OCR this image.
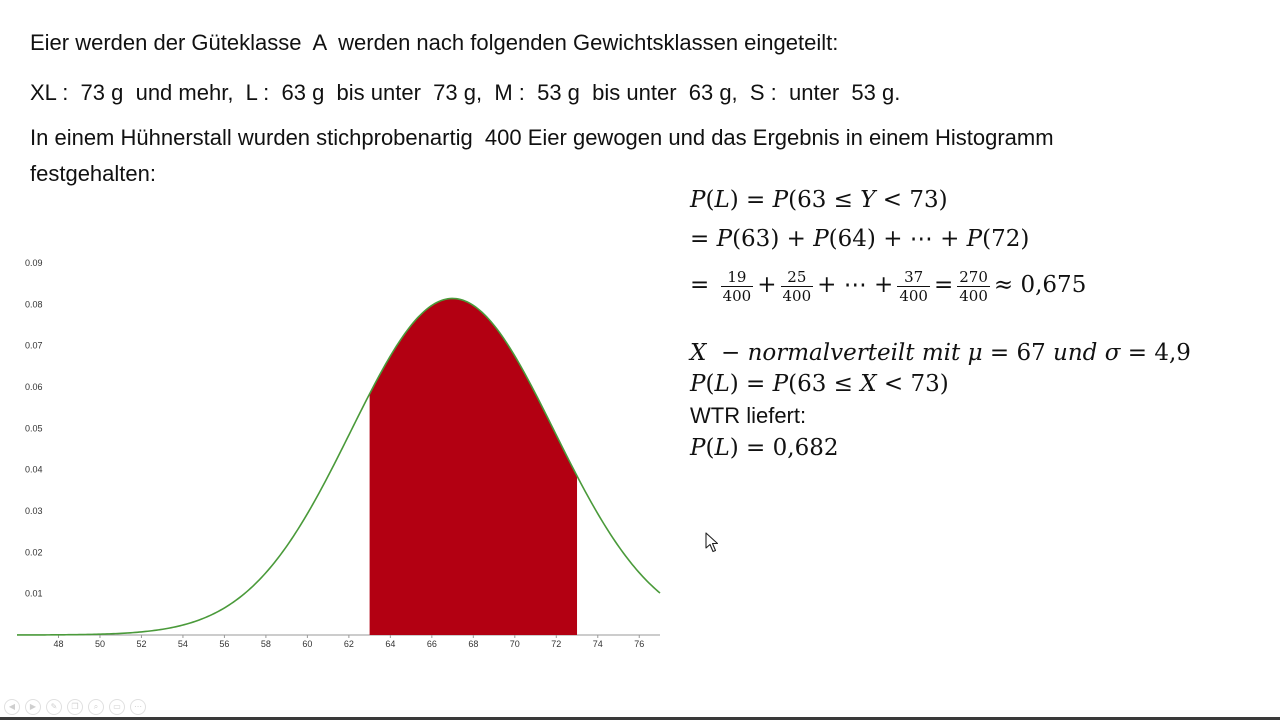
Eier werden der Güteklasse  A  werden nach folgenden Gewichtsklassen eingeteilt:
XL :  73 g  und mehr,  L :  63 g  bis unter  73 g,  M :  53 g  bis unter  63 g,  S :  unter  53 g.
In einem Hühnerstall wurden stichprobenartig  400 Eier gewogen und das Ergebnis in einem Histogramm
festgehalten:
P(L) = P(63 ≤ Y < 73)
= P(63) + P(64) + ⋯ + P(72)
= $\frac{19}{400} + \frac{25}{400}$ + ⋯ + $\frac{37}{400} = \frac{270}{400} \approx 0,675$
X  − normalverteilt mit μ = 67 und σ = 4,9
P(L) = P(63 ≤ X < 73)
WTR liefert:
P(L) = 0,682
0.01
0.02
0.03
0.04
0.05
0.06
0.07
0.08
0.09
48	50	52	54	56	58	60	62	64	66	68	70	72	74	76
◀	▶	✎	❐	⌕	▭	⋯
